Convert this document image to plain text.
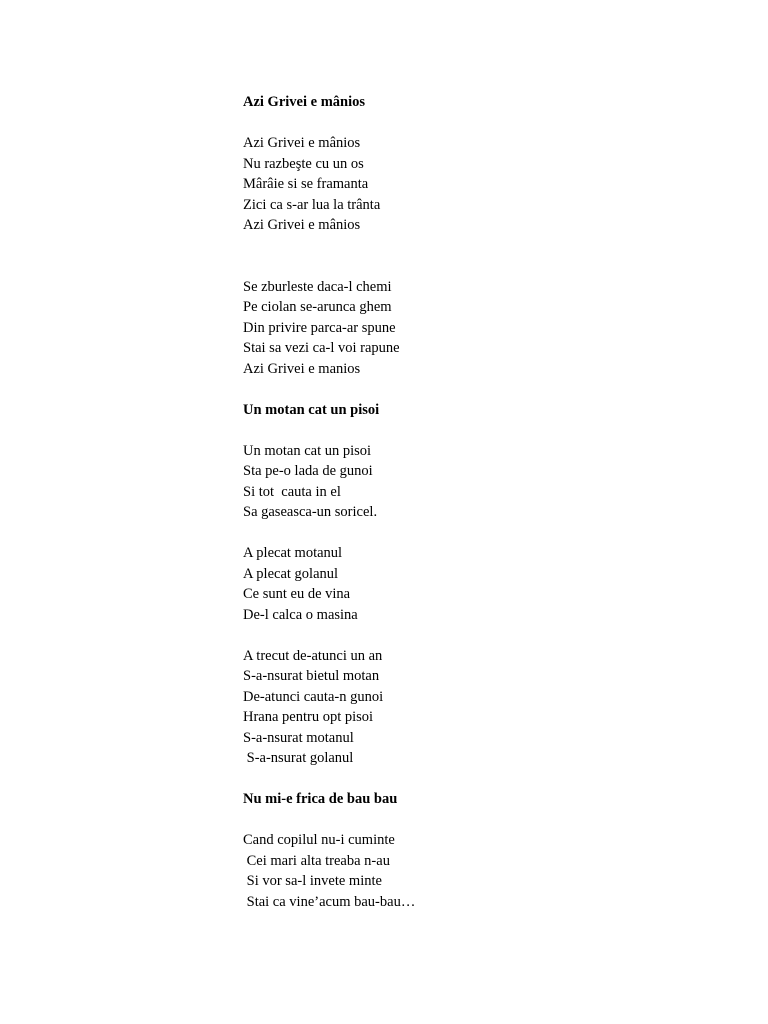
Azi Grivei e mânios
Azi Grivei e mânios
Nu razbeşte cu un os
Mârâie si se framanta
Zici ca s-ar lua la trânta
Azi Grivei e mânios
Se zburleste daca-l chemi
Pe ciolan se-arunca ghem
Din privire parca-ar spune
Stai sa vezi ca-l voi rapune
Azi Grivei e manios
Un motan cat un pisoi
Un motan cat un pisoi
Sta pe-o lada de gunoi
Si tot  cauta in el
Sa gaseasca-un soricel.
A plecat motanul
A plecat golanul
Ce sunt eu de vina
De-l calca o masina
A trecut de-atunci un an
S-a-nsurat bietul motan
De-atunci cauta-n gunoi
Hrana pentru opt pisoi
S-a-nsurat motanul
S-a-nsurat golanul
Nu mi-e frica de bau bau
Cand copilul nu-i cuminte
Cei mari alta treaba n-au
Si vor sa-l invete minte
Stai ca vine’acum bau-bau…
